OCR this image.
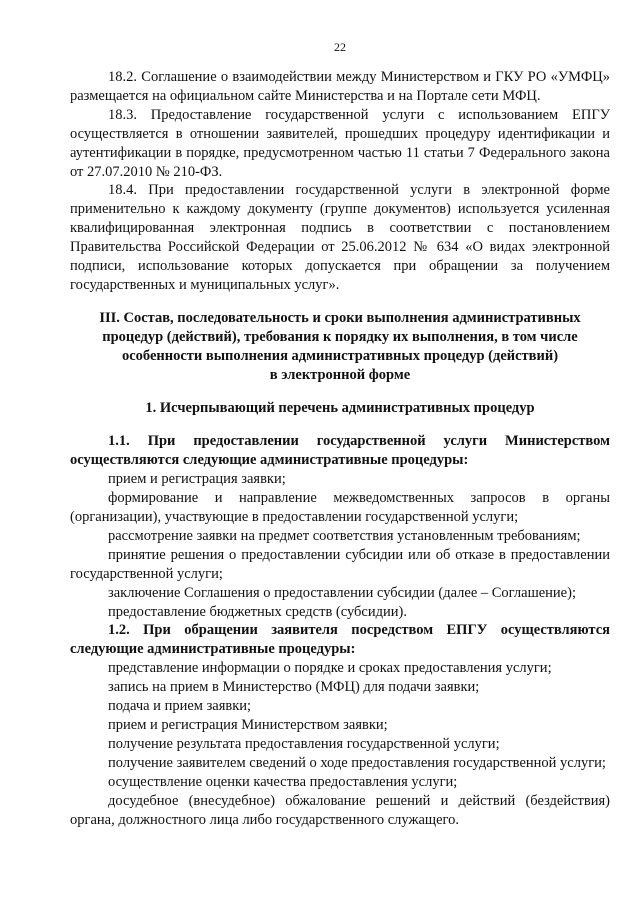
22

18.2. Соглашение о взаимодействии между Министерством и ГКУ РО «УМФЦ» размещается на официальном сайте Министерства и на Портале сети МФЦ.

18.3. Предоставление государственной услуги с использованием ЕПГУ осуществляется в отношении заявителей, прошедших процедуру идентификации и аутентификации в порядке, предусмотренном частью 11 статьи 7 Федерального закона от 27.07.2010 № 210-ФЗ.

18.4. При предоставлении государственной услуги в электронной форме применительно к каждому документу (группе документов) используется усиленная квалифицированная электронная подпись в соответствии с постановлением Правительства Российской Федерации от 25.06.2012 № 634 «О видах электронной подписи, использование которых допускается при обращении за получением государственных и муниципальных услуг».

III. Состав, последовательность и сроки выполнения административных

процедур (действий), требования к порядку их выполнения, в том числе

особенности выполнения административных процедур (действий)

в электронной форме

1. Исчерпывающий перечень административных процедур

1.1. При предоставлении государственной услуги Министерством осуществляются следующие административные процедуры:

прием и регистрация заявки;

формирование и направление межведомственных запросов в органы (организации), участвующие в предоставлении государственной услуги;

рассмотрение заявки на предмет соответствия установленным требованиям;

принятие решения о предоставлении субсидии или об отказе в предоставлении государственной услуги;

заключение Соглашения о предоставлении субсидии (далее – Соглашение);

предоставление бюджетных средств (субсидии).

1.2. При обращении заявителя посредством ЕПГУ осуществляются следующие административные процедуры:

представление информации о порядке и сроках предоставления услуги;

запись на прием в Министерство (МФЦ) для подачи заявки;

подача и прием заявки;

прием и регистрация Министерством заявки;

получение результата предоставления государственной услуги;

получение заявителем сведений о ходе предоставления государственной услуги;

осуществление оценки качества предоставления услуги;

досудебное (внесудебное) обжалование решений и действий (бездействия) органа, должностного лица либо государственного служащего.
